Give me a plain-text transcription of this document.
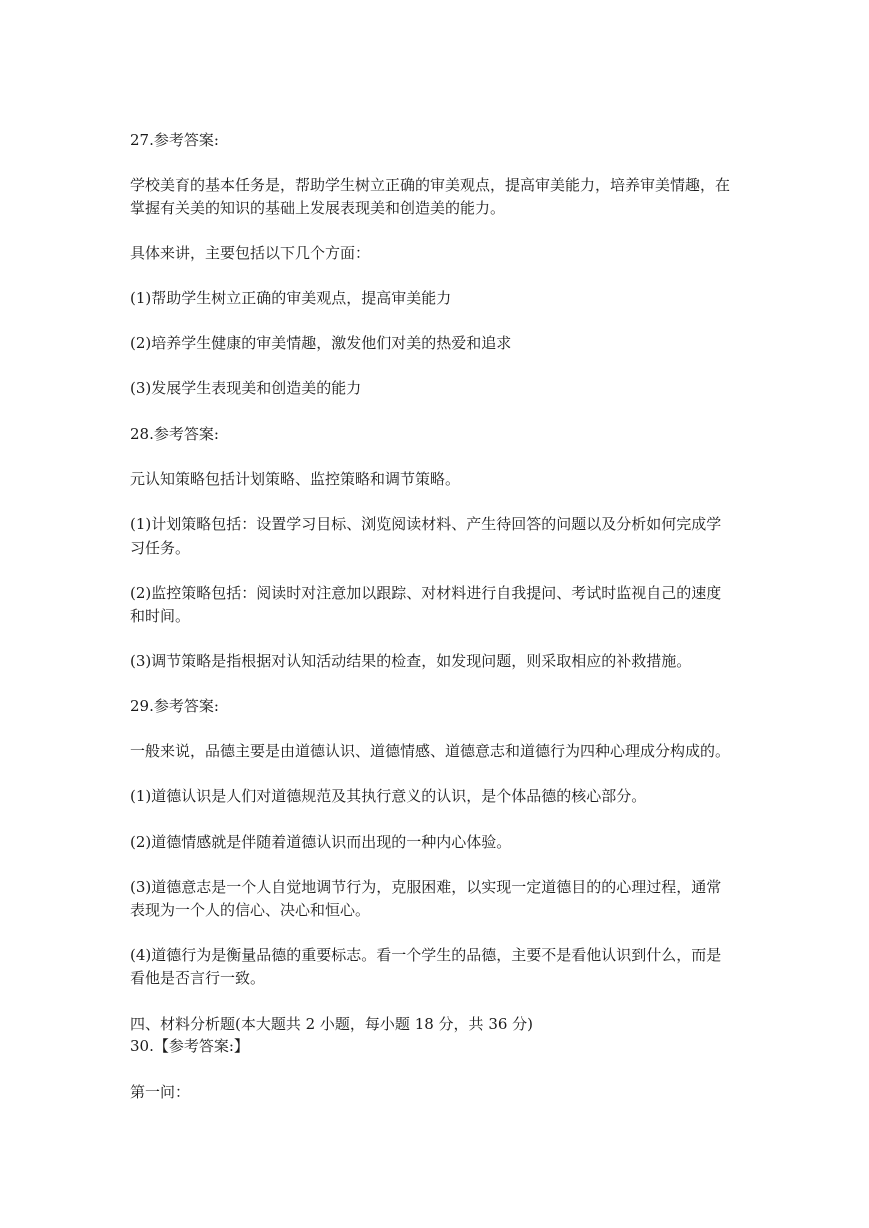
27.参考答案:
学校美育的基本任务是，帮助学生树立正确的审美观点，提高审美能力，培养审美情趣，在
掌握有关美的知识的基础上发展表现美和创造美的能力。
具体来讲，主要包括以下几个方面：
(1)帮助学生树立正确的审美观点，提高审美能力
(2)培养学生健康的审美情趣，激发他们对美的热爱和追求
(3)发展学生表现美和创造美的能力
28.参考答案:
元认知策略包括计划策略、监控策略和调节策略。
(1)计划策略包括：设置学习目标、浏览阅读材料、产生待回答的问题以及分析如何完成学
习任务。
(2)监控策略包括：阅读时对注意加以跟踪、对材料进行自我提问、考试时监视自己的速度
和时间。
(3)调节策略是指根据对认知活动结果的检查，如发现问题，则采取相应的补救措施。
29.参考答案:
一般来说，品德主要是由道德认识、道德情感、道德意志和道德行为四种心理成分构成的。
(1)道德认识是人们对道德规范及其执行意义的认识，是个体品德的核心部分。
(2)道德情感就是伴随着道德认识而出现的一种内心体验。
(3)道德意志是一个人自觉地调节行为，克服困难，以实现一定道德目的的心理过程，通常
表现为一个人的信心、决心和恒心。
(4)道德行为是衡量品德的重要标志。看一个学生的品德，主要不是看他认识到什么，而是
看他是否言行一致。
四、材料分析题(本大题共 2 小题，每小题 18 分，共 36 分)
30.【参考答案:】
第一问：
